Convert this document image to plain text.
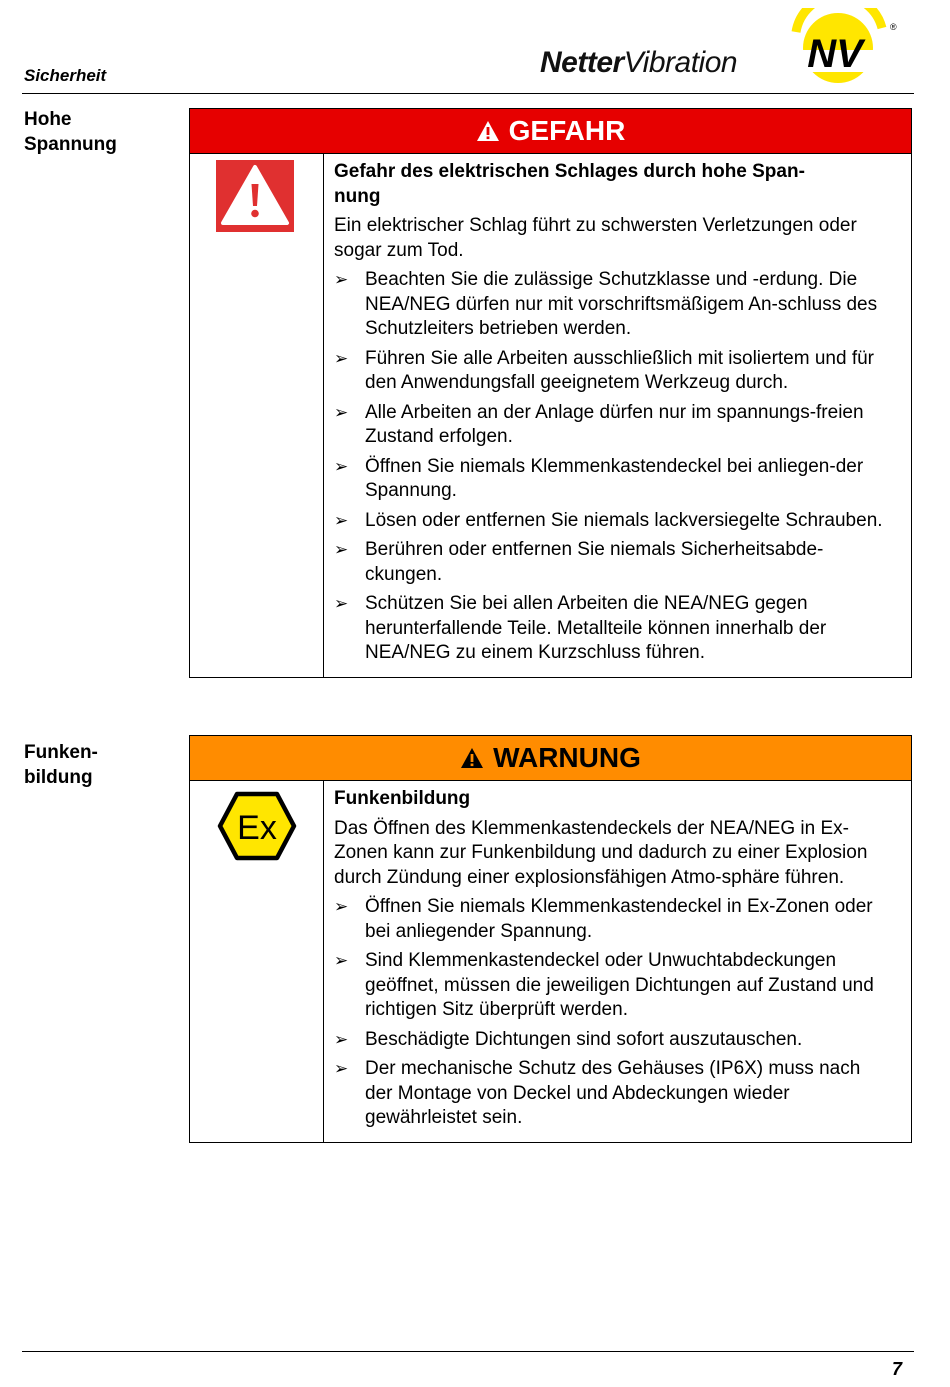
Sicherheit	NetterVibration NV
®
Hohe
Spannung	GEFAHR
Gefahr des elektrischen Schlages durch hohe Span-
nung
Ein elektrischer Schlag führt zu schwersten Verletzungen oder sogar zum Tod.
➢ Beachten Sie die zulässige Schutzklasse und -erdung. Die NEA/NEG dürfen nur mit vorschriftsmäßigem An-schluss des Schutzleiters betrieben werden.
➢ Führen Sie alle Arbeiten ausschließlich mit isoliertem und für den Anwendungsfall geeignetem Werkzeug durch.
➢ Alle Arbeiten an der Anlage dürfen nur im spannungs-freien Zustand erfolgen.
➢ Öffnen Sie niemals Klemmenkastendeckel bei anliegen-der Spannung.
➢ Lösen oder entfernen Sie niemals lackversiegelte Schrauben.
➢ Berühren oder entfernen Sie niemals Sicherheitsabde-ckungen.
➢ Schützen Sie bei allen Arbeiten die NEA/NEG gegen herunterfallende Teile. Metallteile können innerhalb der NEA/NEG zu einem Kurzschluss führen.
Funken-
bildung
WARNUNG
Ex
Funkenbildung
Das Öffnen des Klemmenkastendeckels der NEA/NEG in Ex-Zonen kann zur Funkenbildung und dadurch zu einer Explosion durch Zündung einer explosionsfähigen Atmo-sphäre führen.
➢ Öffnen Sie niemals Klemmenkastendeckel in Ex-Zonen oder bei anliegender Spannung.
➢ Sind Klemmenkastendeckel oder Unwuchtabdeckungen geöffnet, müssen die jeweiligen Dichtungen auf Zustand und richtigen Sitz überprüft werden.
➢ Beschädigte Dichtungen sind sofort auszutauschen.
➢ Der mechanische Schutz des Gehäuses (IP6X) muss nach der Montage von Deckel und Abdeckungen wieder gewährleistet sein.
7
